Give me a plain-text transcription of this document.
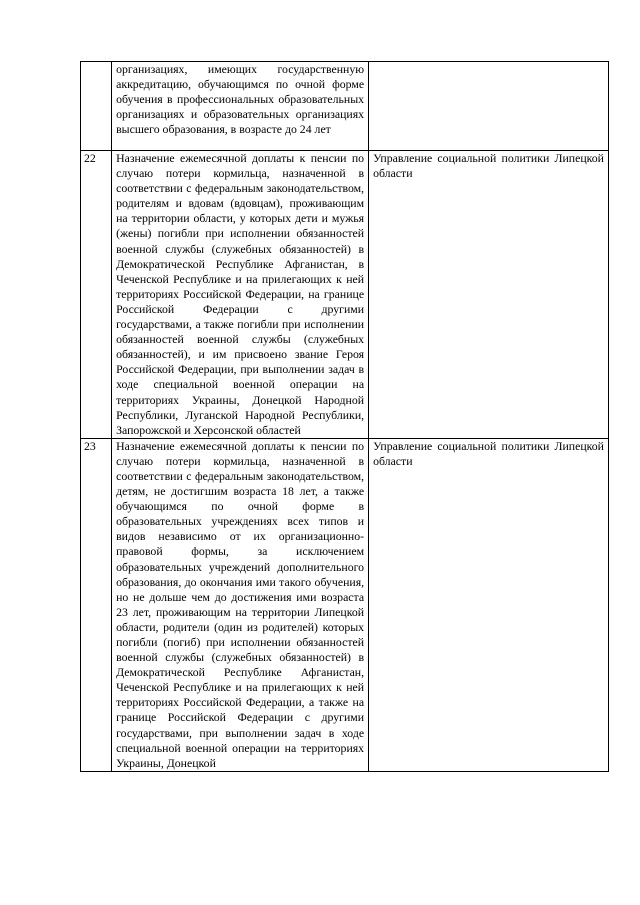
	организациях, имеющих государственную аккредитацию, обучающимся по очной форме обучения в профессиональных образовательных организациях и образовательных организациях высшего образования, в возрасте до 24 лет	
22	Назначение ежемесячной доплаты к пенсии по случаю потери кормильца, назначенной в соответствии с федеральным законодательством, родителям и вдовам (вдовцам), проживающим на территории области, у которых дети и мужья (жены) погибли при исполнении обязанностей военной службы (служебных обязанностей) в Демократической Республике Афганистан, в Чеченской Республике и на прилегающих к ней территориях Российской Федерации, на границе Российской Федерации с другими государствами, а также погибли при исполнении обязанностей военной службы (служебных обязанностей), и им присвоено звание Героя Российской Федерации, при выполнении задач в ходе специальной военной операции на территориях Украины, Донецкой Народной Республики, Луганской Народной Республики, Запорожской и Херсонской областей	Управление социальной политики Липецкой области
23	Назначение ежемесячной доплаты к пенсии по случаю потери кормильца, назначенной в соответствии с федеральным законодательством, детям, не достигшим возраста 18 лет, а также обучающимся по очной форме в образовательных учреждениях всех типов и видов независимо от их организационно-правовой формы, за исключением образовательных учреждений дополнительного образования, до окончания ими такого обучения, но не дольше чем до достижения ими возраста 23 лет, проживающим на территории Липецкой области, родители (один из родителей) которых погибли (погиб) при исполнении обязанностей военной службы (служебных обязанностей) в Демократической Республике Афганистан, Чеченской Республике и на прилегающих к ней территориях Российской Федерации, а также на границе Российской Федерации с другими государствами, при выполнении задач в ходе специальной военной операции на территориях Украины, Донецкой	Управление социальной политики Липецкой области
